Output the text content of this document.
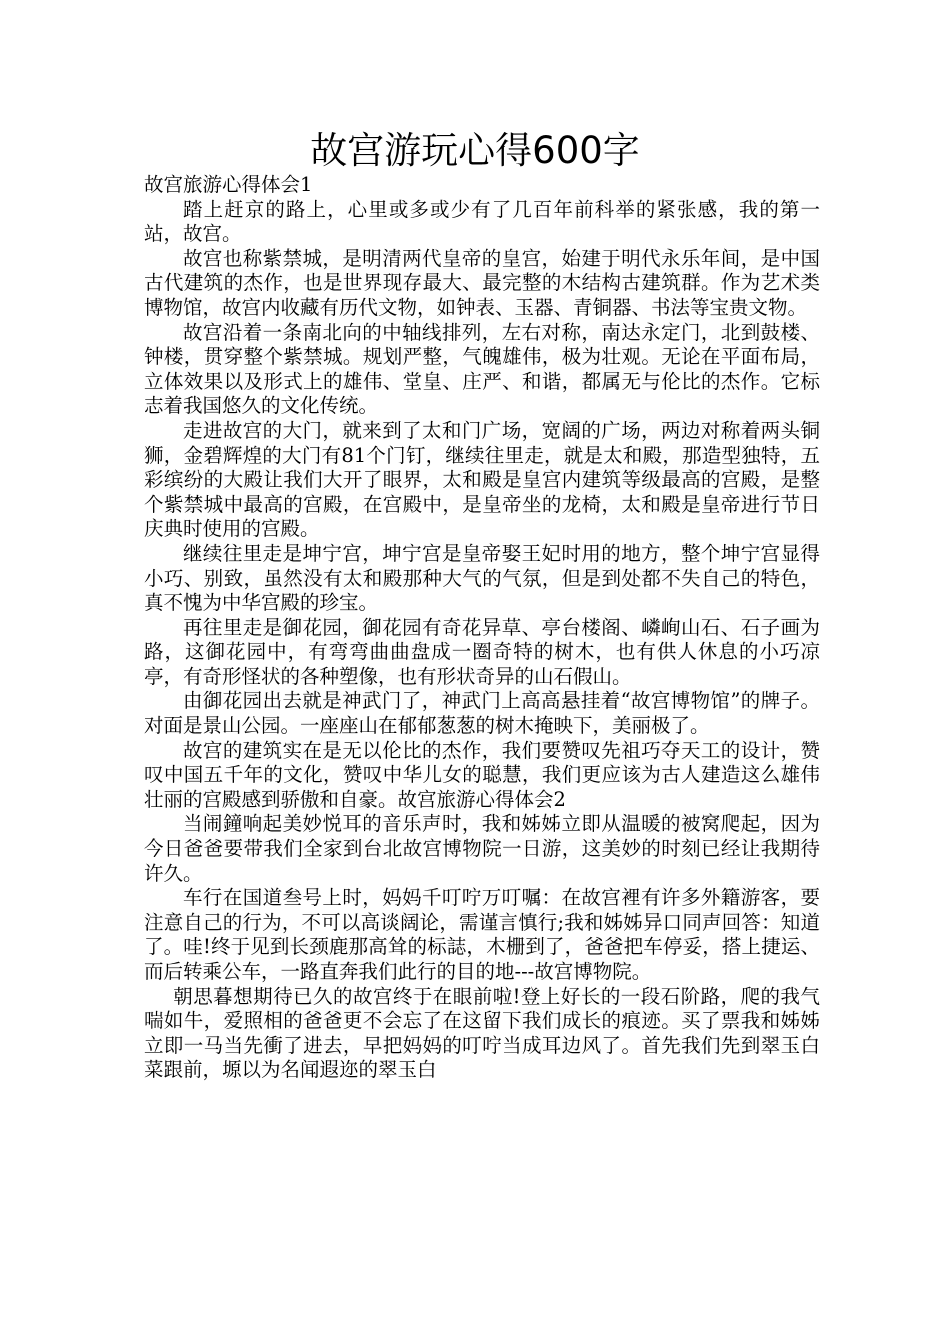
故宫游玩心得600字

故宫旅游心得体会1

踏上赶京的路上，心里或多或少有了几百年前科举的紧张感，我的第一站，故宫。

故宫也称紫禁城，是明清两代皇帝的皇宫，始建于明代永乐年间，是中国古代建筑的杰作，也是世界现存最大、最完整的木结构古建筑群。作为艺术类博物馆，故宫内收藏有历代文物，如钟表、玉器、青铜器、书法等宝贵文物。

故宫沿着一条南北向的中轴线排列，左右对称，南达永定门，北到鼓楼、钟楼，贯穿整个紫禁城。规划严整，气魄雄伟，极为壮观。无论在平面布局，立体效果以及形式上的雄伟、堂皇、庄严、和谐，都属无与伦比的杰作。它标志着我国悠久的文化传统。

走进故宫的大门，就来到了太和门广场，宽阔的广场，两边对称着两头铜狮，金碧辉煌的大门有81个门钉，继续往里走，就是太和殿，那造型独特，五彩缤纷的大殿让我们大开了眼界，太和殿是皇宫内建筑等级最高的宫殿，是整个紫禁城中最高的宫殿，在宫殿中，是皇帝坐的龙椅，太和殿是皇帝进行节日庆典时使用的宫殿。

继续往里走是坤宁宫，坤宁宫是皇帝娶王妃时用的地方，整个坤宁宫显得小巧、别致，虽然没有太和殿那种大气的气氛，但是到处都不失自己的特色，真不愧为中华宫殿的珍宝。

再往里走是御花园，御花园有奇花异草、亭台楼阁、嶙峋山石、石子画为路，这御花园中，有弯弯曲曲盘成一圈奇特的树木，也有供人休息的小巧凉亭，有奇形怪状的各种塑像，也有形状奇异的山石假山。

由御花园出去就是神武门了，神武门上高高悬挂着“故宫博物馆”的牌子。对面是景山公园。一座座山在郁郁葱葱的树木掩映下，美丽极了。

故宫的建筑实在是无以伦比的杰作，我们要赞叹先祖巧夺天工的设计，赞叹中国五千年的文化，赞叹中华儿女的聪慧，我们更应该为古人建造这么雄伟壮丽的宫殿感到骄傲和自豪。故宫旅游心得体会2

当闹鐘响起美妙悦耳的音乐声时，我和姊姊立即从温暖的被窝爬起，因为今日爸爸要带我们全家到台北故宫博物院一日游，这美妙的时刻已经让我期待许久。

车行在国道叁号上时，妈妈千叮咛万叮嘱：在故宫裡有许多外籍游客，要注意自己的行为，不可以高谈阔论，需谨言慎行;我和姊姊异口同声回答：知道了。哇!终于见到长颈鹿那高耸的标誌，木栅到了，爸爸把车停妥，搭上捷运、而后转乘公车，一路直奔我们此行的目的地---故宫博物院。

朝思暮想期待已久的故宫终于在眼前啦!登上好长的一段石阶路，爬的我气喘如牛，爱照相的爸爸更不会忘了在这留下我们成长的痕迹。买了票我和姊姊立即一马当先衝了进去，早把妈妈的叮咛当成耳边风了。首先我们先到翠玉白菜跟前，塬以为名闻遐迩的翠玉白
